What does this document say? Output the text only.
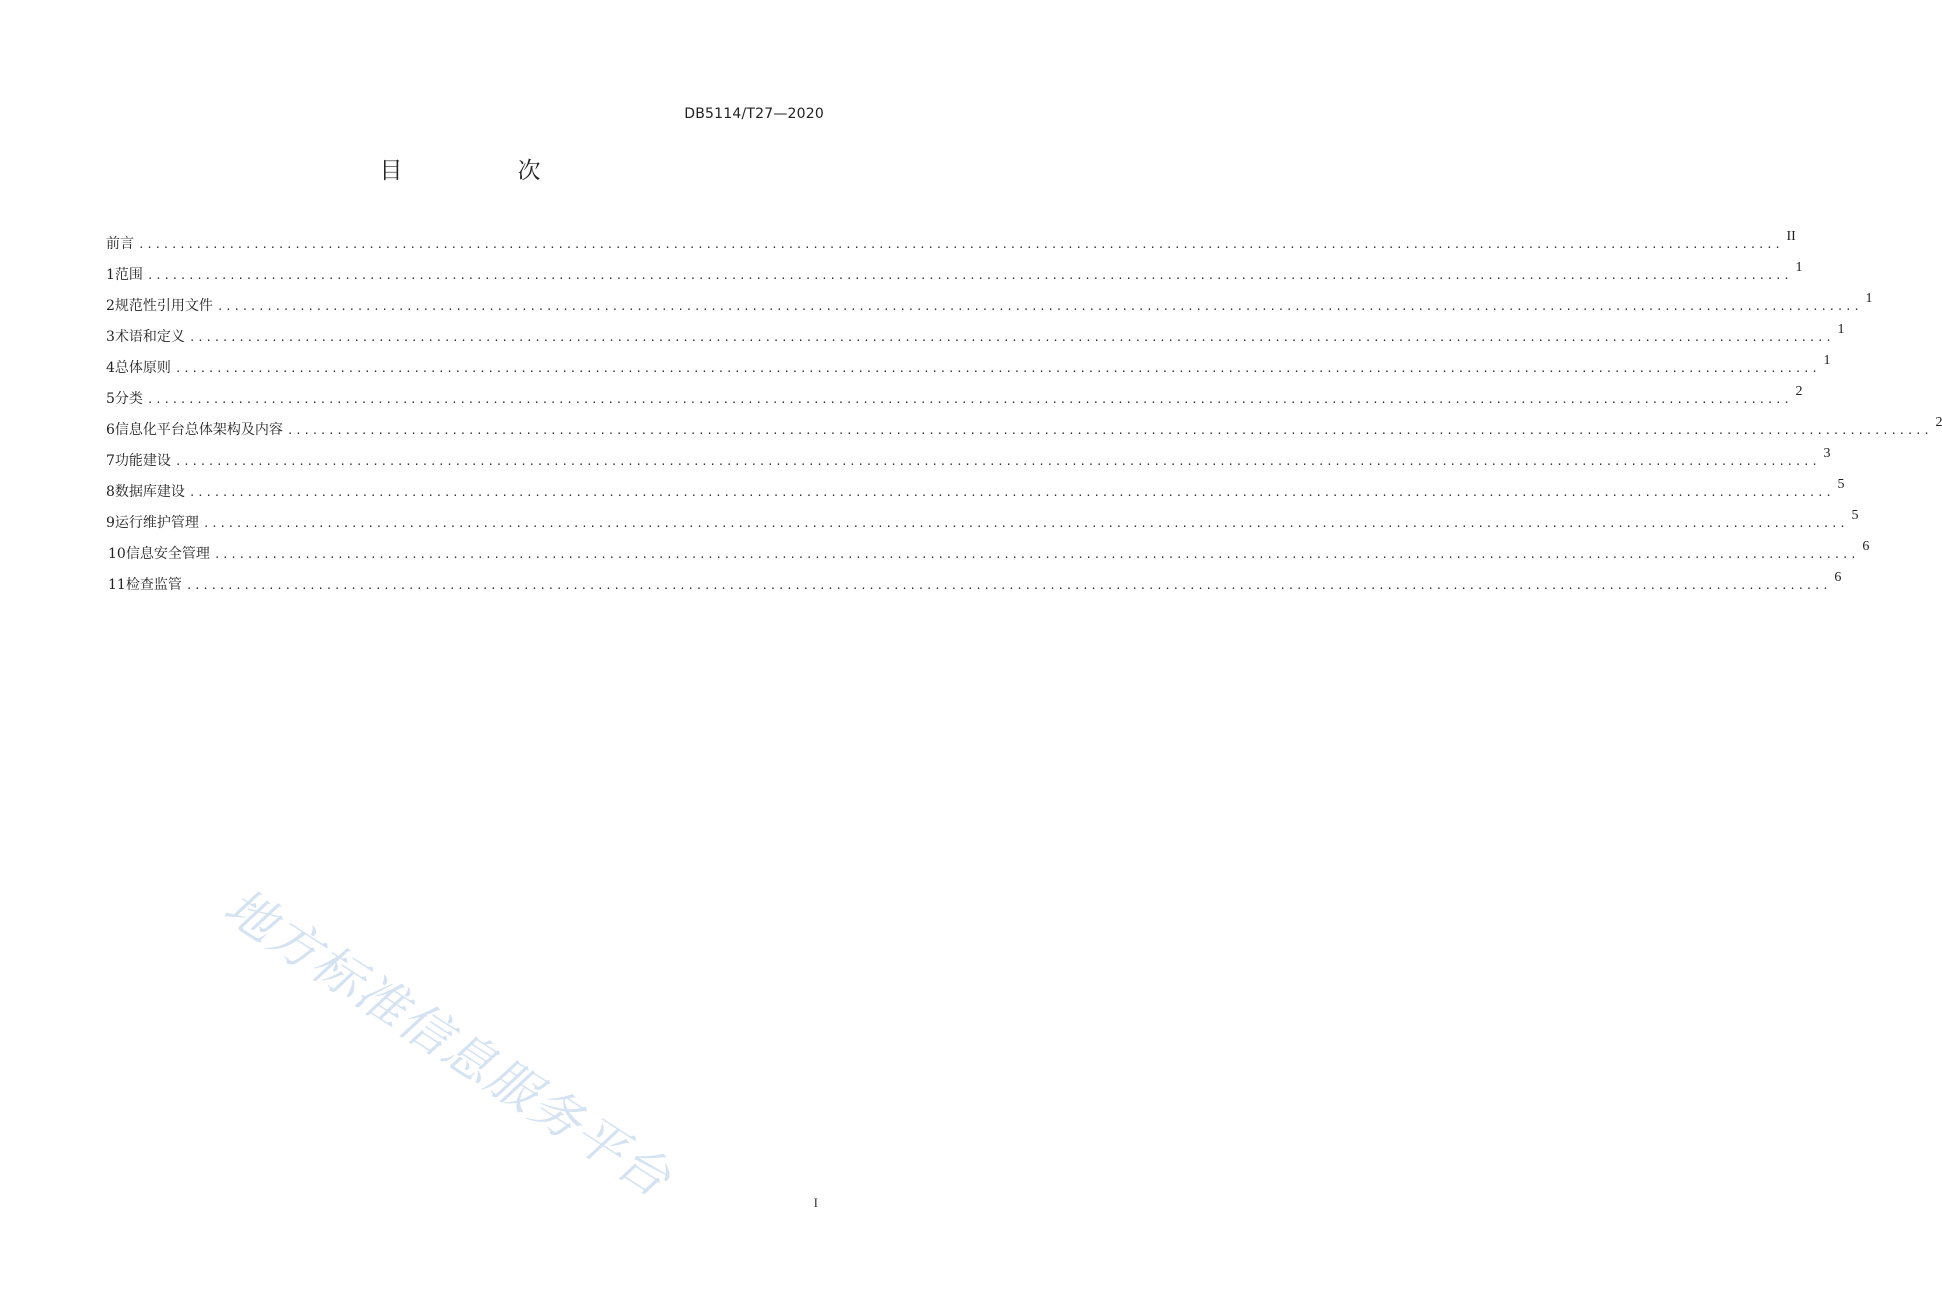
DB5114/T27—2020
目　次
前言 ........................................................................................................................................................................................................
II
1 范围 ........................................................................................................................................................................................................
1
2 规范性引用文件 ........................................................................................................................................................................................................
1
3 术语和定义 ........................................................................................................................................................................................................
1
4 总体原则 ........................................................................................................................................................................................................
1
5 分类 ........................................................................................................................................................................................................
2
6 信息化平台总体架构及内容 ........................................................................................................................................................................................................
2
7 功能建设 ........................................................................................................................................................................................................
3
8 数据库建设 ........................................................................................................................................................................................................
5
9 运行维护管理 ........................................................................................................................................................................................................
5
10 信息安全管理 ........................................................................................................................................................................................................
6
11 检查监管 ........................................................................................................................................................................................................
6
地方标准信息服务平台	I
